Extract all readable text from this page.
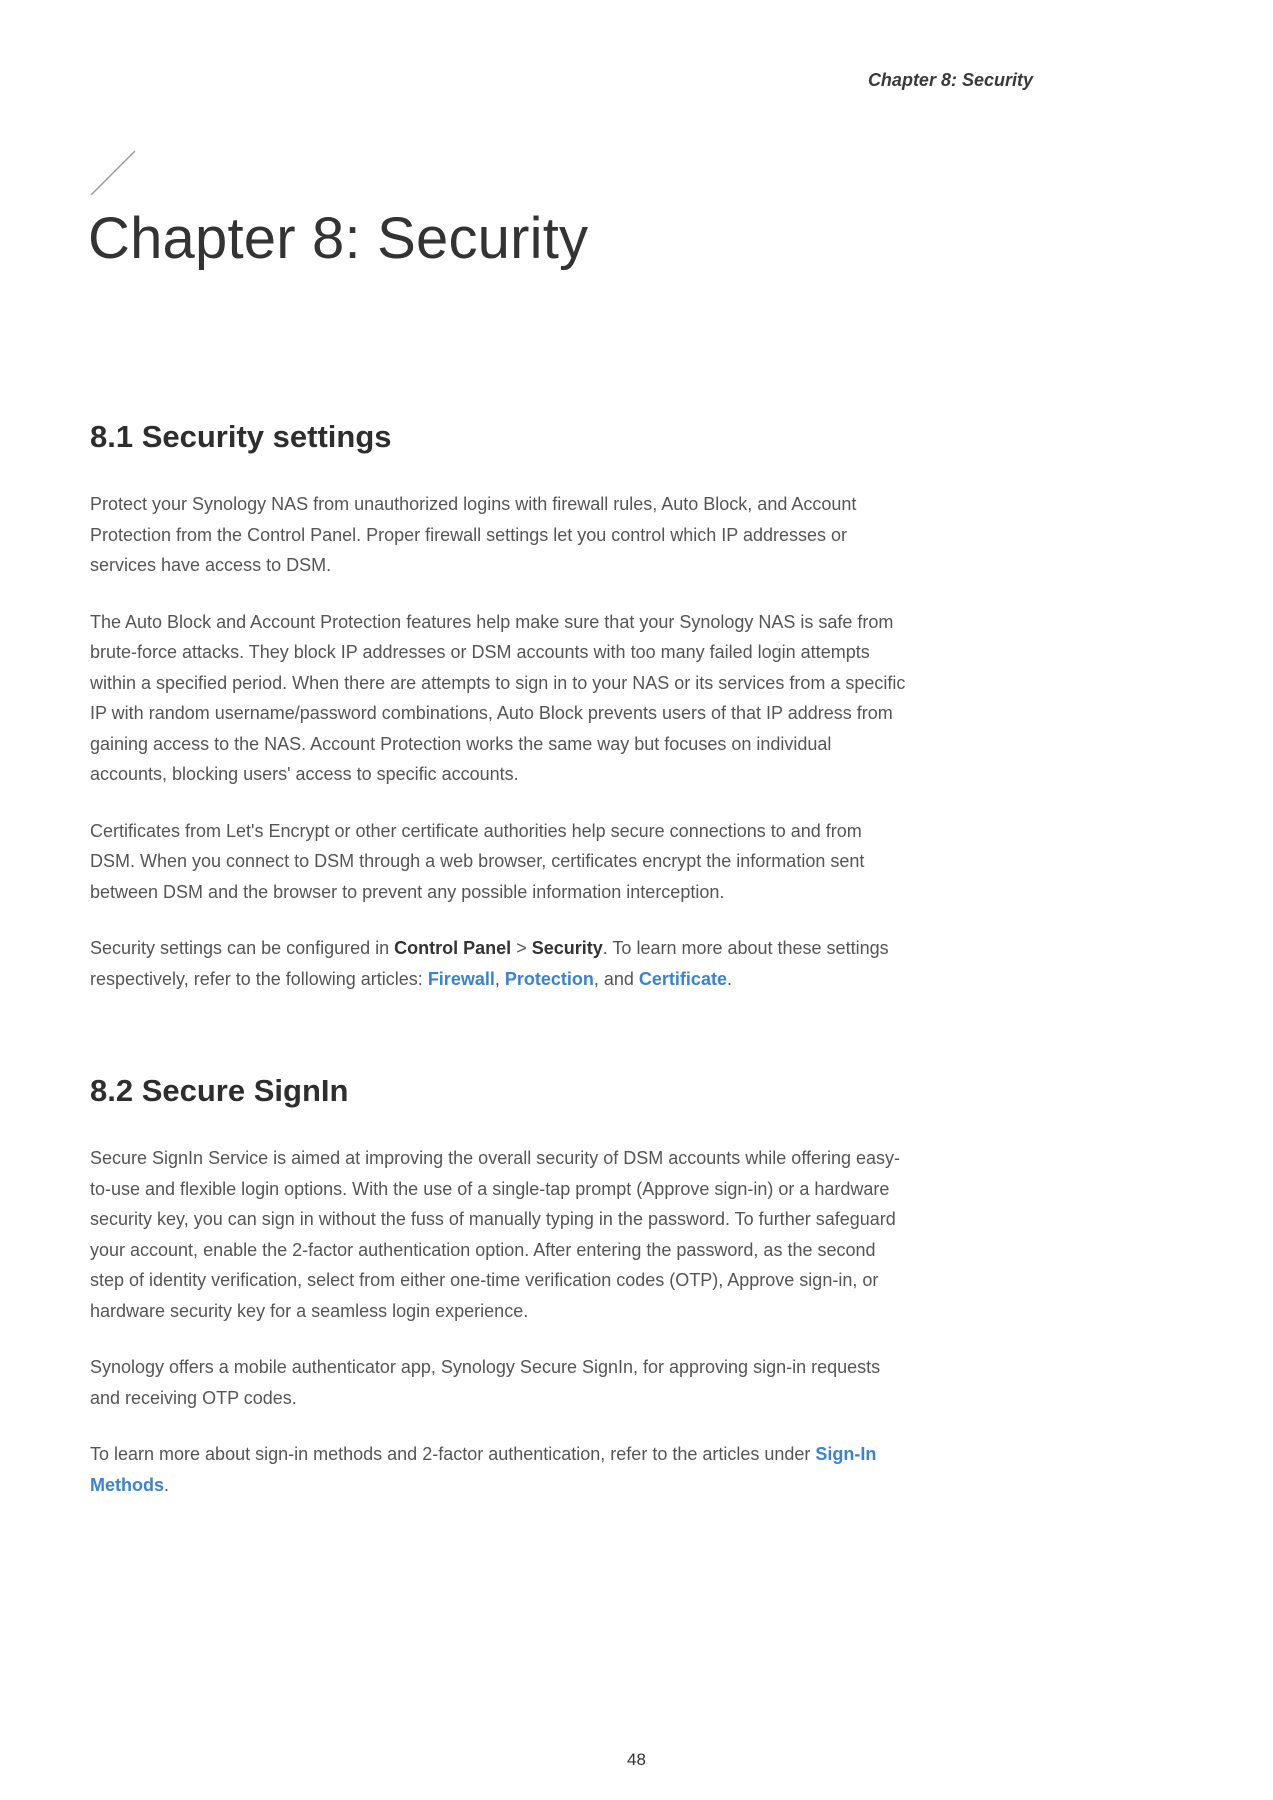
Chapter 8: Security
Chapter 8: Security
8.1 Security settings

Protect your Synology NAS from unauthorized logins with firewall rules, Auto Block, and Account Protection from the Control Panel. Proper firewall settings let you control which IP addresses or services have access to DSM.

The Auto Block and Account Protection features help make sure that your Synology NAS is safe from brute-force attacks. They block IP addresses or DSM accounts with too many failed login attempts within a specified period. When there are attempts to sign in to your NAS or its services from a specific IP with random username/password combinations, Auto Block prevents users of that IP address from gaining access to the NAS. Account Protection works the same way but focuses on individual accounts, blocking users' access to specific accounts.

Certificates from Let's Encrypt or other certificate authorities help secure connections to and from DSM. When you connect to DSM through a web browser, certificates encrypt the information sent between DSM and the browser to prevent any possible information interception.

Security settings can be configured in Control Panel > Security. To learn more about these settings respectively, refer to the following articles: Firewall, Protection, and Certificate.

8.2 Secure SignIn

Secure SignIn Service is aimed at improving the overall security of DSM accounts while offering easy-to-use and flexible login options. With the use of a single-tap prompt (Approve sign-in) or a hardware security key, you can sign in without the fuss of manually typing in the password. To further safeguard your account, enable the 2-factor authentication option. After entering the password, as the second step of identity verification, select from either one-time verification codes (OTP), Approve sign-in, or hardware security key for a seamless login experience.

Synology offers a mobile authenticator app, Synology Secure SignIn, for approving sign-in requests and receiving OTP codes.

To learn more about sign-in methods and 2-factor authentication, refer to the articles under Sign-In Methods.

48
